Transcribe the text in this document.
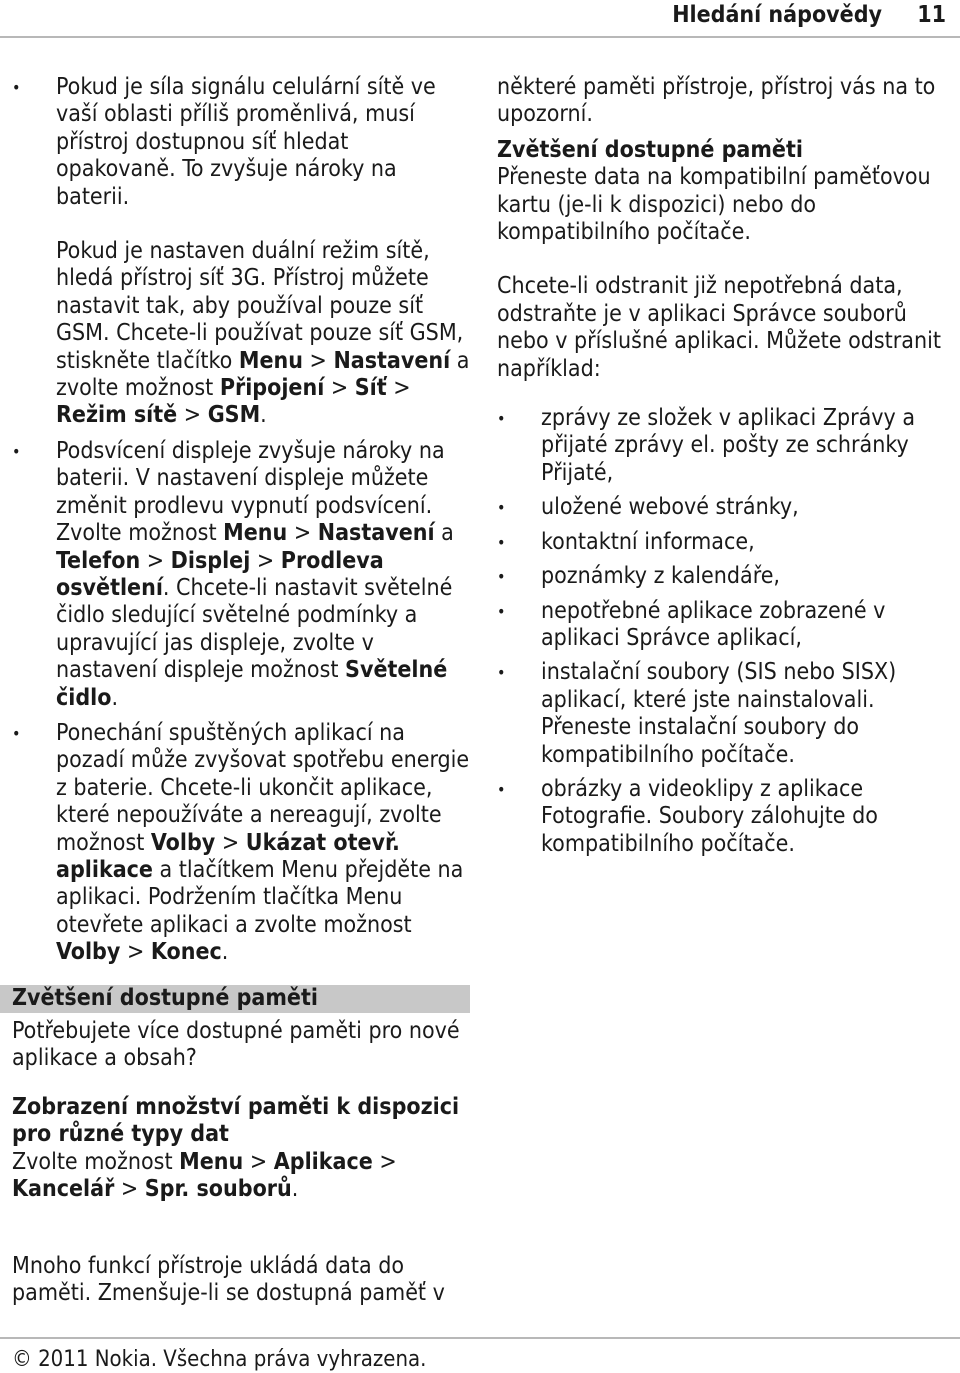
Hledání nápovědy 11

• Pokud je síla signálu celulární sítě ve vaší oblasti příliš proměnlivá, musí přístroj dostupnou síť hledat opakovaně. To zvyšuje nároky na baterii.

Pokud je nastaven duální režim sítě, hledá přístroj síť 3G. Přístroj můžete nastavit tak, aby používal pouze síť GSM. Chcete-li používat pouze síť GSM, stiskněte tlačítko Menu > Nastavení a zvolte možnost Připojení > Síť > Režim sítě > GSM.

• Podsvícení displeje zvyšuje nároky na baterii. V nastavení displeje můžete změnit prodlevu vypnutí podsvícení. Zvolte možnost Menu > Nastavení a Telefon > Displej > Prodleva osvětlení. Chcete-li nastavit světelné čidlo sledující světelné podmínky a upravující jas displeje, zvolte v nastavení displeje možnost Světelné čidlo.

• Ponechání spuštěných aplikací na pozadí může zvyšovat spotřebu energie z baterie. Chcete-li ukončit aplikace, které nepoužíváte a nereagují, zvolte možnost Volby > Ukázat otevř. aplikace a tlačítkem Menu přejděte na aplikaci. Podržením tlačítka Menu otevřete aplikaci a zvolte možnost Volby > Konec.

Zvětšení dostupné paměti

Potřebujete více dostupné paměti pro nové aplikace a obsah?

Zobrazení množství paměti k dispozici pro různé typy dat

Zvolte možnost Menu > Aplikace > Kancelář > Spr. souborů.

Mnoho funkcí přístroje ukládá data do paměti. Zmenšuje-li se dostupná paměť v

některé paměti přístroje, přístroj vás na to upozorní.

Zvětšení dostupné paměti

Přeneste data na kompatibilní paměťovou kartu (je-li k dispozici) nebo do kompatibilního počítače.

Chcete-li odstranit již nepotřebná data, odstraňte je v aplikaci Správce souborů nebo v příslušné aplikaci. Můžete odstranit například:

• zprávy ze složek v aplikaci Zprávy a přijaté zprávy el. pošty ze schránky Přijaté,
• uložené webové stránky,
• kontaktní informace,
• poznámky z kalendáře,
• nepotřebné aplikace zobrazené v aplikaci Správce aplikací,
• instalační soubory (SIS nebo SISX) aplikací, které jste nainstalovali. Přeneste instalační soubory do kompatibilního počítače.
• obrázky a videoklipy z aplikace Fotografie. Soubory zálohujte do kompatibilního počítače.
© 2011 Nokia. Všechna práva vyhrazena.
